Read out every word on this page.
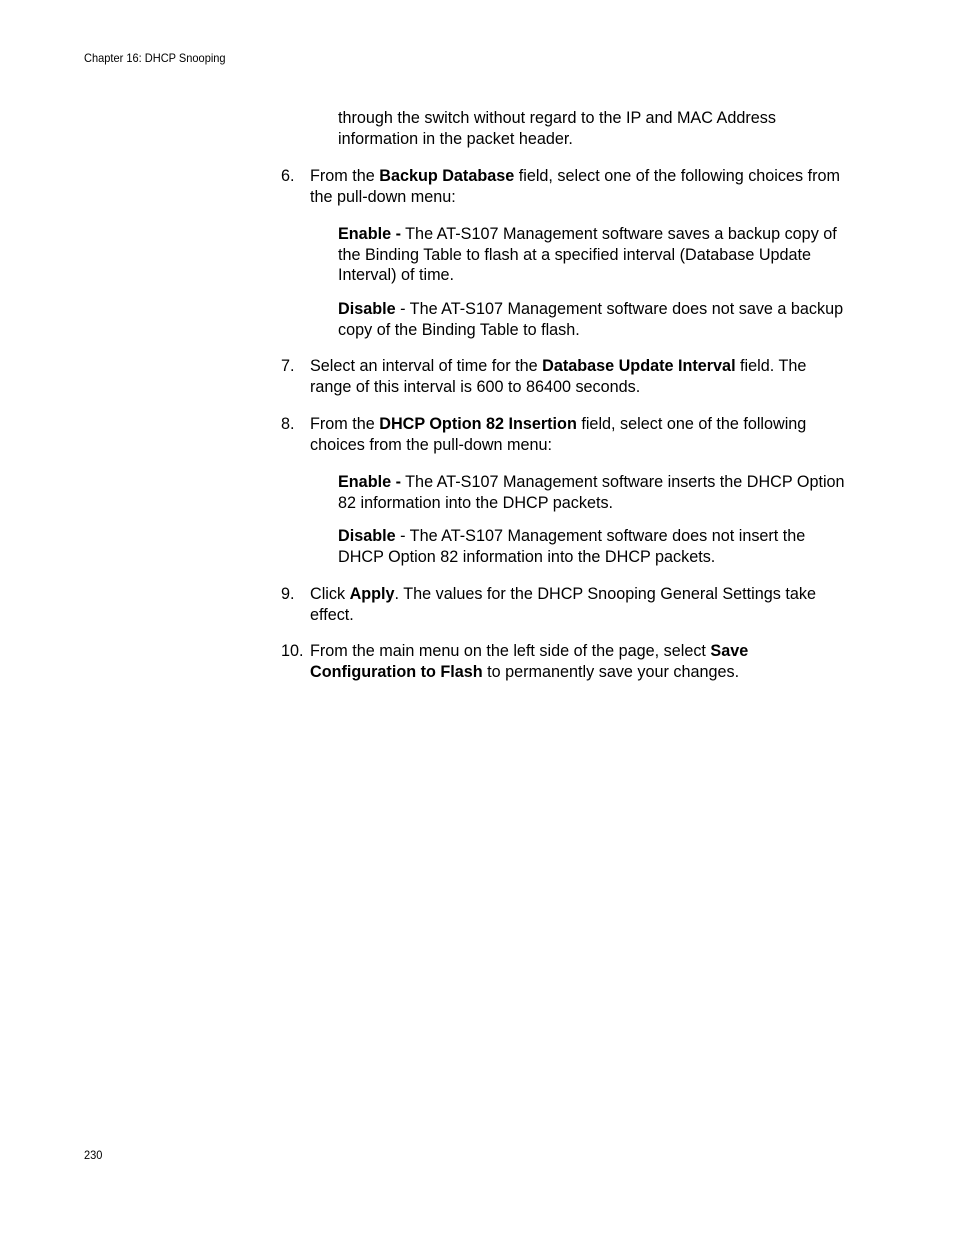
Chapter 16: DHCP Snooping

through the switch without regard to the IP and MAC Address information in the packet header.

6. From the Backup Database field, select one of the following choices from the pull-down menu:

Enable - The AT-S107 Management software saves a backup copy of the Binding Table to flash at a specified interval (Database Update Interval) of time.

Disable - The AT-S107 Management software does not save a backup copy of the Binding Table to flash.

7. Select an interval of time for the Database Update Interval field. The range of this interval is 600 to 86400 seconds.
8. From the DHCP Option 82 Insertion field, select one of the following choices from the pull-down menu:

Enable - The AT-S107 Management software inserts the DHCP Option 82 information into the DHCP packets.

Disable - The AT-S107 Management software does not insert the DHCP Option 82 information into the DHCP packets.

9. Click Apply. The values for the DHCP Snooping General Settings take effect.
10. From the main menu on the left side of the page, select Save Configuration to Flash to permanently save your changes.
230
